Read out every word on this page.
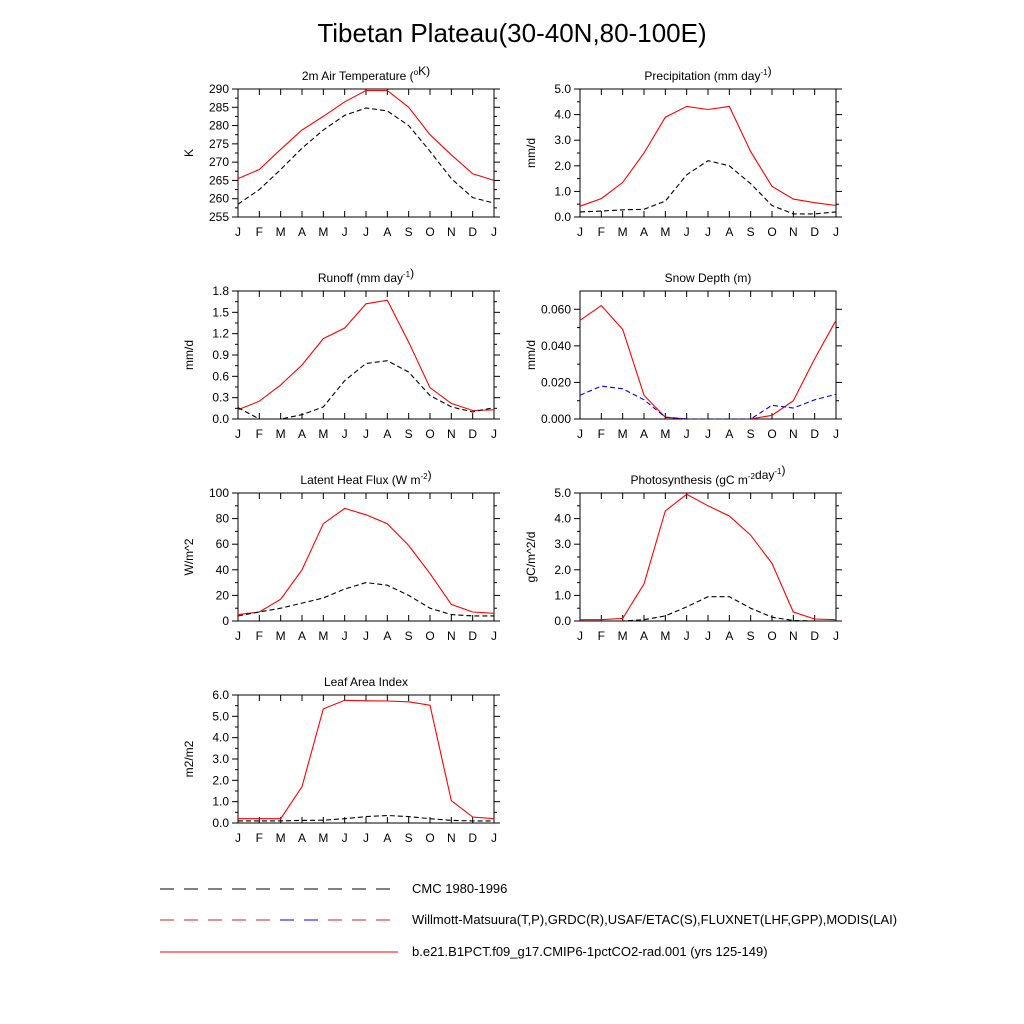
Tibetan Plateau(30-40N,80-100E)
J F M A M J J A S O N D J
255
260
265
270
275
280
285
290
2m Air Temperature ($^o$K)
K
J F M A M J J A S O N D J
0.0
1.0
2.0
3.0
4.0
5.0
Precipitation (mm day$^{-1}$)
mm/d
J F M A M J J A S O N D J
0.0
0.3
0.6
0.9
1.2
1.5
1.8
Runoff (mm day$^{-1}$)
mm/d
J F M A M J J A S O N D J
0.000
0.020
0.040
0.060
Snow Depth (m)
mm/d
J F M A M J J A S O N D J
0
20
40
60
80
100
Latent Heat Flux (W $m^{-2}$)
W/m^2
J F M A M J J A S O N D J
0.0
1.0
2.0
3.0
4.0
5.0
Photosynthesis (gC $m^{-2}day^{-1}$)
gC/m^2/d
J F M A M J J A S O N D J
0.0
1.0
2.0
3.0
4.0
5.0
6.0
Leaf Area Index
m2/m2
CMC 1980-1996
Willmott-Matsuura(T,P),GRDC(R),USAF/ETAC(S),FLUXNET(LHF,GPP),MODIS(LAI)
b.e21.B1PCT.f09_g17.CMIP6-1pctCO2-rad.001 (yrs 125-149)
